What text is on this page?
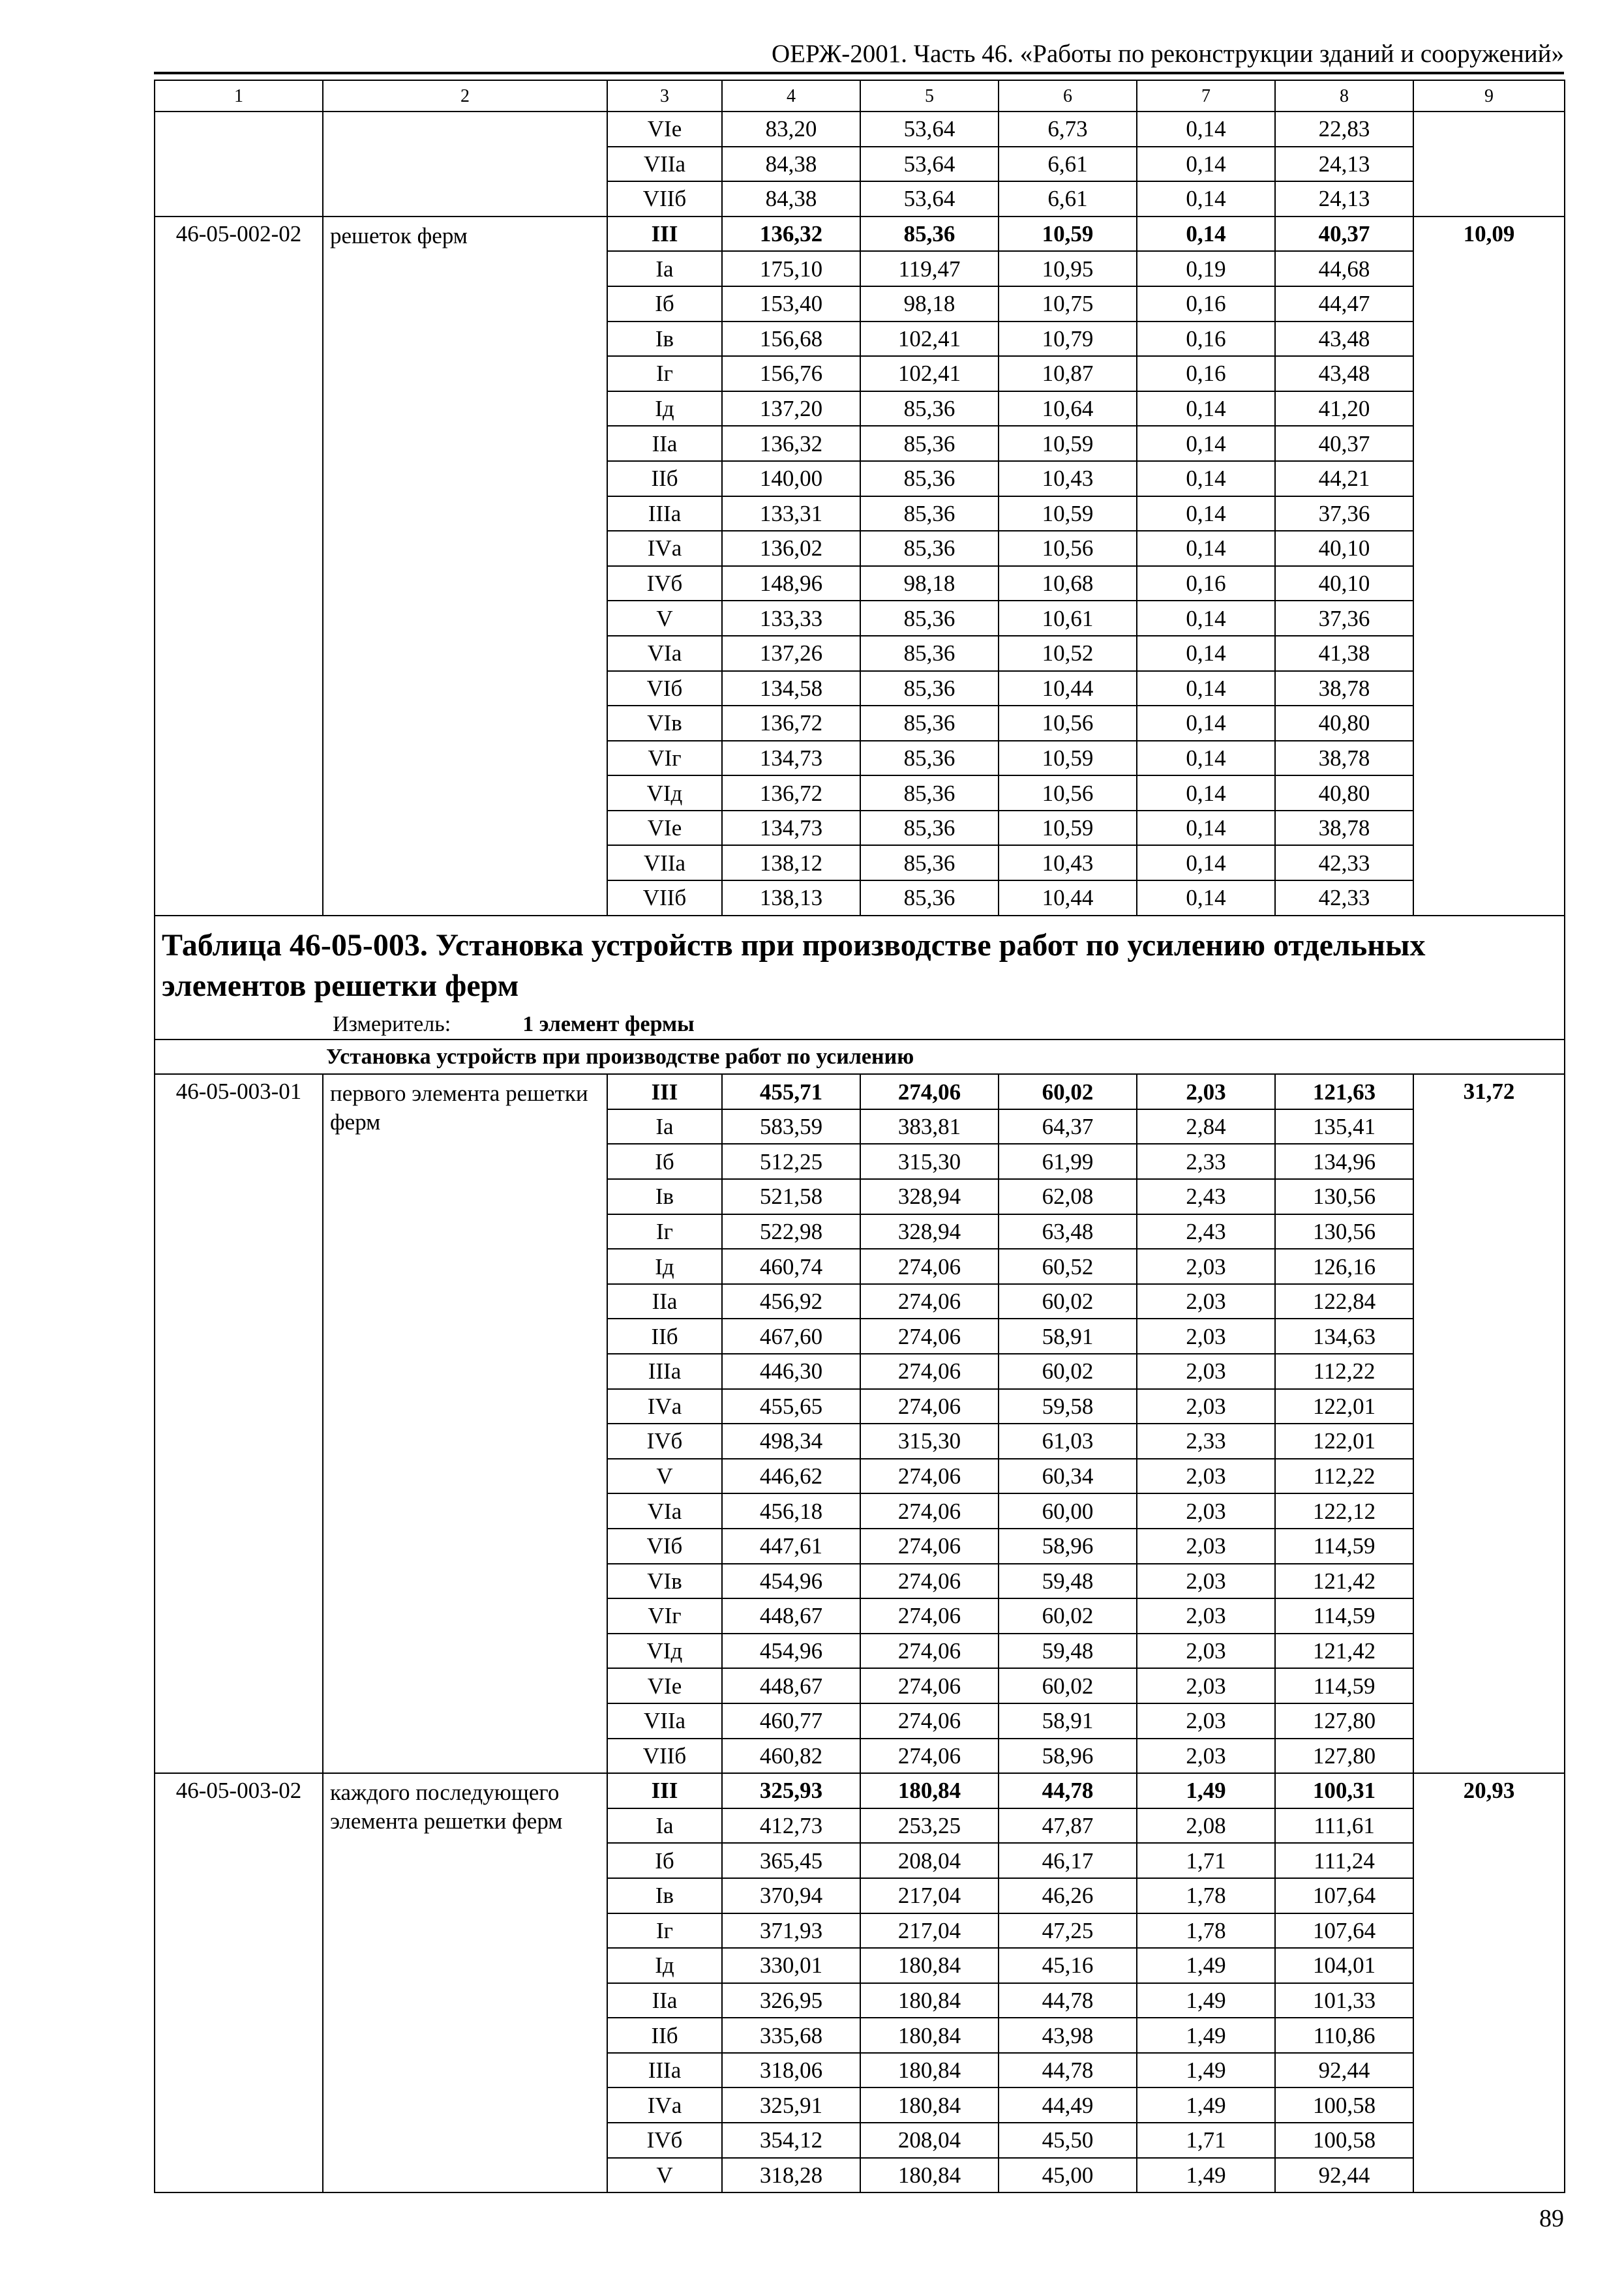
ОЕРЖ-2001. Часть 46. «Работы по реконструкции зданий и сооружений»
1	2	3	4	5	6	7	8	9
		VIе	83,20	53,64	6,73	0,14	22,83	
		VIIа	84,38	53,64	6,61	0,14	24,13	
		VIIб	84,38	53,64	6,61	0,14	24,13	
46-05-002-02	решеток ферм	III	136,32	85,36	10,59	0,14	40,37	10,09
		Iа	175,10	119,47	10,95	0,19	44,68	
		Iб	153,40	98,18	10,75	0,16	44,47	
		Iв	156,68	102,41	10,79	0,16	43,48	
		Iг	156,76	102,41	10,87	0,16	43,48	
		Iд	137,20	85,36	10,64	0,14	41,20	
		IIа	136,32	85,36	10,59	0,14	40,37	
		IIб	140,00	85,36	10,43	0,14	44,21	
		IIIа	133,31	85,36	10,59	0,14	37,36	
		IVа	136,02	85,36	10,56	0,14	40,10	
		IVб	148,96	98,18	10,68	0,16	40,10	
		V	133,33	85,36	10,61	0,14	37,36	
		VIа	137,26	85,36	10,52	0,14	41,38	
		VIб	134,58	85,36	10,44	0,14	38,78	
		VIв	136,72	85,36	10,56	0,14	40,80	
		VIг	134,73	85,36	10,59	0,14	38,78	
		VIд	136,72	85,36	10,56	0,14	40,80	
		VIе	134,73	85,36	10,59	0,14	38,78	
		VIIа	138,12	85,36	10,43	0,14	42,33	
		VIIб	138,13	85,36	10,44	0,14	42,33	

Таблица 46-05-003. Установка устройств при производстве работ по усилению отдельных элементов решетки ферм
Измеритель: 1 элемент фермы								

Установка устройств при производстве работ по усилению								
46-05-003-01	первого элемента решетки ферм	III	455,71	274,06	60,02	2,03	121,63	31,72
		Iа	583,59	383,81	64,37	2,84	135,41	
		Iб	512,25	315,30	61,99	2,33	134,96	
		Iв	521,58	328,94	62,08	2,43	130,56	
		Iг	522,98	328,94	63,48	2,43	130,56	
		Iд	460,74	274,06	60,52	2,03	126,16	
		IIа	456,92	274,06	60,02	2,03	122,84	
		IIб	467,60	274,06	58,91	2,03	134,63	
		IIIа	446,30	274,06	60,02	2,03	112,22	
		IVа	455,65	274,06	59,58	2,03	122,01	
		IVб	498,34	315,30	61,03	2,33	122,01	
		V	446,62	274,06	60,34	2,03	112,22	
		VIа	456,18	274,06	60,00	2,03	122,12	
		VIб	447,61	274,06	58,96	2,03	114,59	
		VIв	454,96	274,06	59,48	2,03	121,42	
		VIг	448,67	274,06	60,02	2,03	114,59	
		VIд	454,96	274,06	59,48	2,03	121,42	
		VIе	448,67	274,06	60,02	2,03	114,59	
		VIIа	460,77	274,06	58,91	2,03	127,80	
		VIIб	460,82	274,06	58,96	2,03	127,80	
46-05-003-02	каждого последующего элемента решетки ферм	III	325,93	180,84	44,78	1,49	100,31	20,93
		Iа	412,73	253,25	47,87	2,08	111,61	
		Iб	365,45	208,04	46,17	1,71	111,24	
		Iв	370,94	217,04	46,26	1,78	107,64	
		Iг	371,93	217,04	47,25	1,78	107,64	
		Iд	330,01	180,84	45,16	1,49	104,01	
		IIа	326,95	180,84	44,78	1,49	101,33	
		IIб	335,68	180,84	43,98	1,49	110,86	
		IIIа	318,06	180,84	44,78	1,49	92,44	
		IVа	325,91	180,84	44,49	1,49	100,58	
		IVб	354,12	208,04	45,50	1,71	100,58	
		V	318,28	180,84	45,00	1,49	92,44	
89
